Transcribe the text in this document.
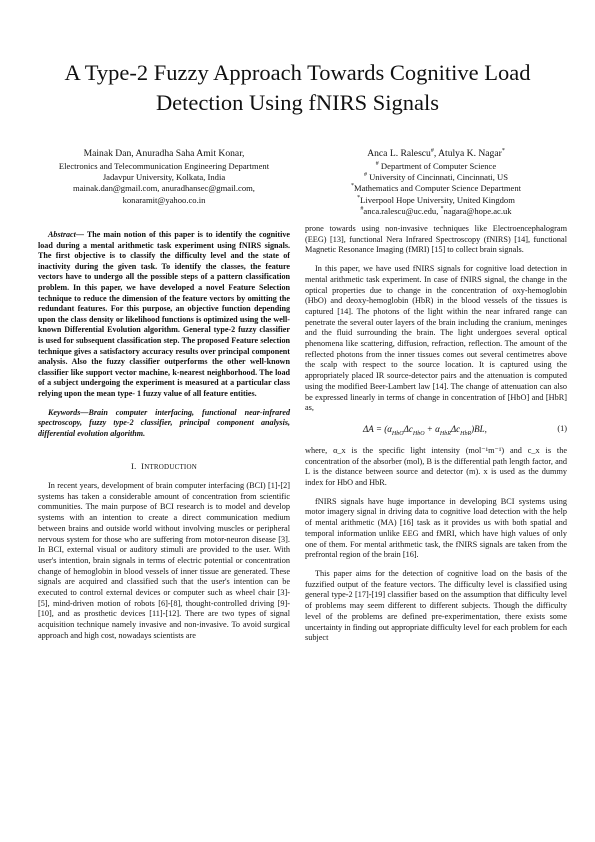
A Type-2 Fuzzy Approach Towards Cognitive Load
Detection Using fNIRS Signals
Mainak Dan, Anuradha Saha Amit Konar,
Electronics and Telecommunication Engineering Department
Jadavpur University, Kolkata, India
mainak.dan@gmail.com, anuradhansec@gmail.com,
konaramit@yahoo.co.in
Anca L. Ralescu#, Atulya K. Nagar*
# Department of Computer Science
# University of Cincinnati, Cincinnati, US
*Mathematics and Computer Science Department
*Liverpool Hope University, United Kingdom
#anca.ralescu@uc.edu, *nagara@hope.ac.uk

Abstract— The main notion of this paper is to identify the cognitive load during a mental arithmetic task experiment using fNIRS signals. The first objective is to classify the difficulty level and the state of inactivity during the given task. To identify the classes, the feature vectors have to undergo all the possible steps of a pattern classification problem. In this paper, we have developed a novel Feature Selection technique to reduce the dimension of the feature vectors by omitting the redundant features. For this purpose, an objective function depending upon the class density or likelihood functions is optimized using the well-known Differential Evolution algorithm. General type-2 fuzzy classifier is used for subsequent classification step. The proposed Feature selection technique gives a satisfactory accuracy results over principal component analysis. Also the fuzzy classifier outperforms the other well-known classifier like support vector machine, k-nearest neighborhood. The load of a subject undergoing the experiment is measured at a particular class relying upon the mean type- 1 fuzzy value of all feature entities.

Keywords—Brain computer interfacing, functional near-infrared spectroscopy, fuzzy type-2 classifier, principal component analysis, differential evolution algorithm.

I. INTRODUCTION

In recent years, development of brain computer interfacing (BCI) [1]-[2] systems has taken a considerable amount of concentration from scientific communities. The main purpose of BCI research is to model and develop systems with an intention to create a direct communication medium between brains and outside world without involving muscles or peripheral nervous system for those who are suffering from motor-neuron disease [3]. In BCI, external visual or auditory stimuli are provided to the user. With user's intention, brain signals in terms of electric potential or concentration change of hemoglobin in blood vessels of inner tissue are generated. These signals are acquired and classified such that the user's intention can be executed to control external devices or computer such as wheel chair [3]-[5], mind-driven motion of robots [6]-[8], thought-controlled driving [9]-[10], and as prosthetic devices [11]-[12]. There are two types of signal acquisition technique namely invasive and non-invasive. To avoid surgical approach and high cost, nowadays scientists are

prone towards using non-invasive techniques like Electroencephalogram (EEG) [13], functional Nera Infrared Spectroscopy (fNIRS) [14], functional Magnetic Resonance Imaging (fMRI) [15] to collect brain signals.

In this paper, we have used fNIRS signals for cognitive load detection in mental arithmetic task experiment. In case of fNIRS signal, the change in the optical properties due to change in the concentration of oxy-hemoglobin (HbO) and deoxy-hemoglobin (HbR) in the blood vessels of the tissues is captured [14]. The photons of the light within the near infrared range can penetrate the several outer layers of the brain including the cranium, meninges and the fluid surrounding the brain. The light undergoes several optical phenomena like scattering, diffusion, refraction, reflection. The amount of the reflected photons from the inner tissues comes out several centimetres above the scalp with respect to the source location. It is captured using the appropriately placed IR source-detector pairs and the attenuation is computed using the modified Beer-Lambert law [14]. The change of attenuation can also be expressed linearly in terms of change in concentration of [HbO] and [HbR] as,

$\Delta A = (\alpha_{HbO}\Delta c_{HbO} + \alpha_{HbR}\Delta c_{HbR})BL$,	(1)

where, α_x is the specific light intensity (mol⁻¹m⁻¹) and c_x is the concentration of the absorber (mol), B is the differential path length factor, and L is the distance between source and detector (m). x is used as the dummy index for HbO and HbR.

fNIRS signals have huge importance in developing BCI systems using motor imagery signal in driving data to cognitive load detection with the help of mental arithmetic (MA) [16] task as it provides us with both spatial and temporal information unlike EEG and fMRI, which have high values of only one of them. For mental arithmetic task, the fNIRS signals are taken from the prefrontal region of the brain [16].

This paper aims for the detection of cognitive load on the basis of the fuzzified output of the feature vectors. The difficulty level is classified using general type-2 [17]-[19] classifier based on the assumption that difficulty level of problems may seem different to different subjects. Though the difficulty level of the problems are defined pre-experimentation, there exists some uncertainty in finding out appropriate difficulty level for each problem for each subject
